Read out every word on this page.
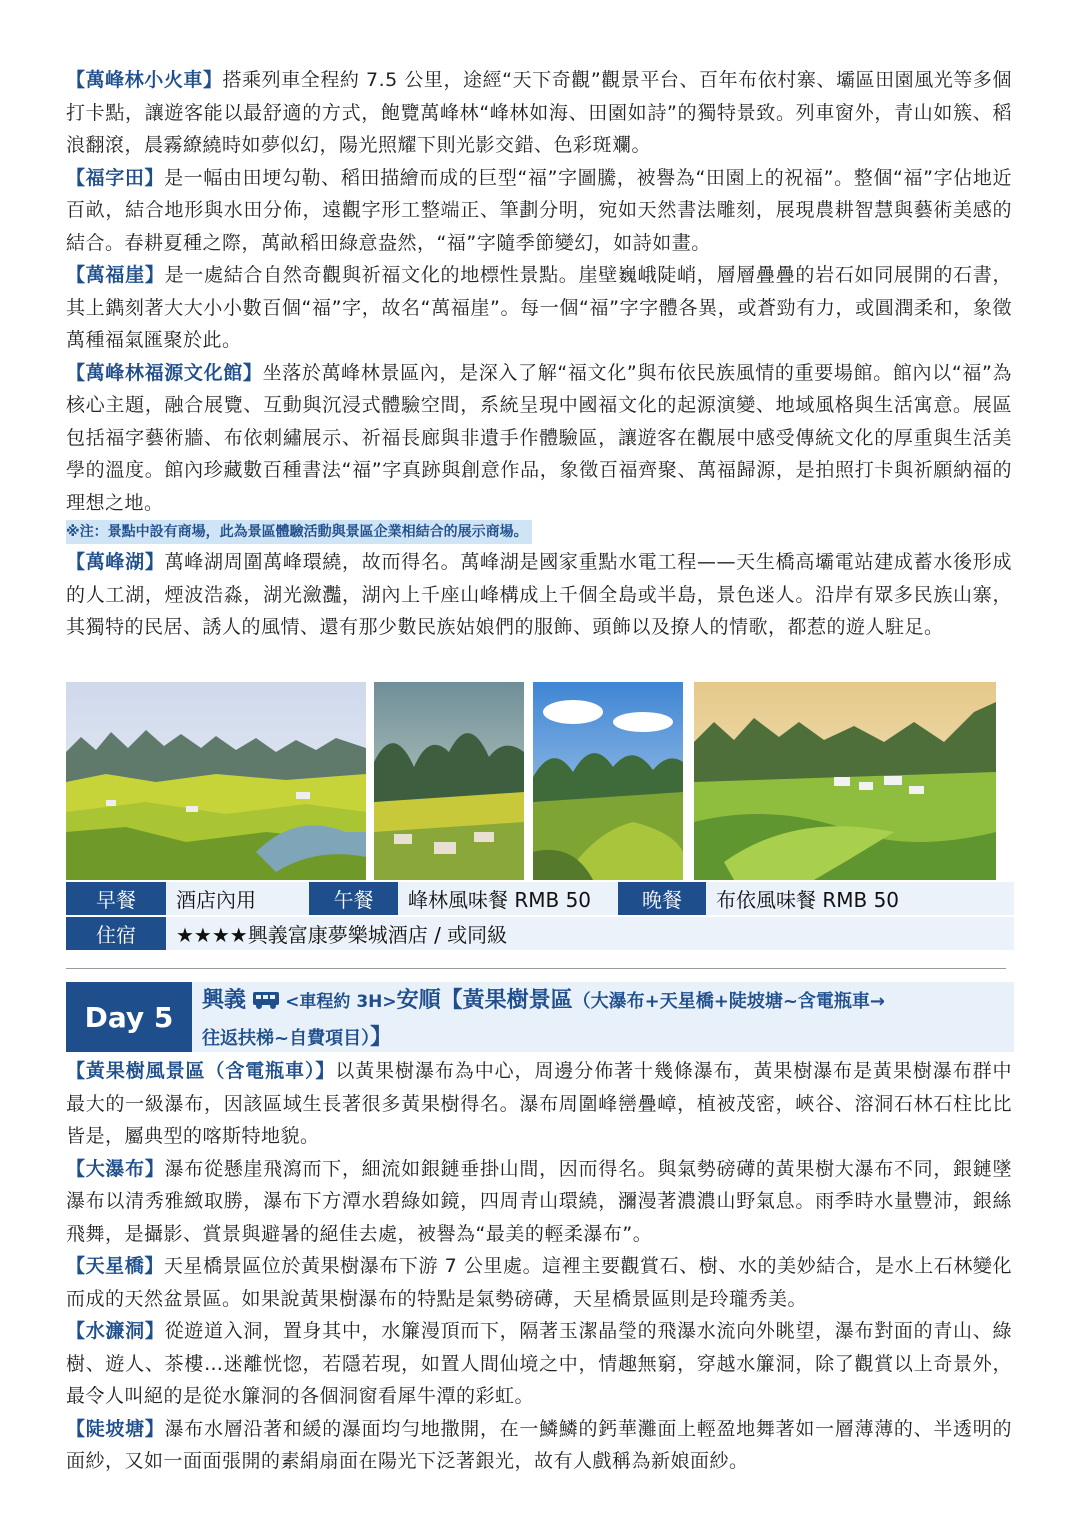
【萬峰林小火車】搭乘列車全程約 7.5 公里，途經“天下奇觀”觀景平台、百年布依村寨、壩區田園風光等多個打卡點，讓遊客能以最舒適的方式，飽覽萬峰林“峰林如海、田園如詩”的獨特景致。列車窗外，青山如簇、稻浪翻滾，晨霧繚繞時如夢似幻，陽光照耀下則光影交錯、色彩斑斕。

【福字田】是一幅由田埂勾勒、稻田描繪而成的巨型“福”字圖騰，被譽為“田園上的祝福”。整個“福”字佔地近百畝，結合地形與水田分佈，遠觀字形工整端正、筆劃分明，宛如天然書法雕刻，展現農耕智慧與藝術美感的結合。春耕夏種之際，萬畝稻田綠意盎然，“福”字隨季節變幻，如詩如畫。

【萬福崖】是一處結合自然奇觀與祈福文化的地標性景點。崖壁巍峨陡峭，層層疊疊的岩石如同展開的石書，其上鐫刻著大大小小數百個“福”字，故名“萬福崖”。每一個“福”字字體各異，或蒼勁有力，或圓潤柔和，象徵萬種福氣匯聚於此。

【萬峰林福源文化館】坐落於萬峰林景區內，是深入了解“福文化”與布依民族風情的重要場館。館內以“福”為核心主題，融合展覽、互動與沉浸式體驗空間，系統呈現中國福文化的起源演變、地域風格與生活寓意。展區包括福字藝術牆、布依刺繡展示、祈福長廊與非遺手作體驗區，讓遊客在觀展中感受傳統文化的厚重與生活美學的溫度。館內珍藏數百種書法“福”字真跡與創意作品，象徵百福齊聚、萬福歸源，是拍照打卡與祈願納福的理想之地。

※注：景點中設有商場，此為景區體驗活動與景區企業相結合的展示商場。

【萬峰湖】萬峰湖周圍萬峰環繞，故而得名。萬峰湖是國家重點水電工程——天生橋高壩電站建成蓄水後形成的人工湖，煙波浩淼，湖光瀲灩，湖內上千座山峰構成上千個全島或半島，景色迷人。沿岸有眾多民族山寨，其獨特的民居、誘人的風情、還有那少數民族姑娘們的服飾、頭飾以及撩人的情歌，都惹的遊人駐足。

早餐	酒店內用	午餐	峰林風味餐 RMB 50	晚餐	布依風味餐 RMB 50
住宿	★★★★興義富康夢樂城酒店 / 或同級
Day 5	興義 <車程約 3H>安順【黃果樹景區（大瀑布+天星橋+陡坡塘~含電瓶車→
往返扶梯~自費項目）】

【黃果樹風景區（含電瓶車）】以黃果樹瀑布為中心，周邊分佈著十幾條瀑布，黃果樹瀑布是黃果樹瀑布群中最大的一級瀑布，因該區域生長著很多黃果樹得名。瀑布周圍峰巒疊嶂，植被茂密，峽谷、溶洞石林石柱比比皆是，屬典型的喀斯特地貌。

【大瀑布】瀑布從懸崖飛瀉而下，細流如銀鏈垂掛山間，因而得名。與氣勢磅礡的黃果樹大瀑布不同，銀鏈墜瀑布以清秀雅緻取勝，瀑布下方潭水碧綠如鏡，四周青山環繞，瀰漫著濃濃山野氣息。雨季時水量豐沛，銀絲飛舞，是攝影、賞景與避暑的絕佳去處，被譽為“最美的輕柔瀑布”。

【天星橋】天星橋景區位於黃果樹瀑布下游 7 公里處。這裡主要觀賞石、樹、水的美妙結合，是水上石林變化而成的天然盆景區。如果說黃果樹瀑布的特點是氣勢磅礡，天星橋景區則是玲瓏秀美。

【水濂洞】從遊道入洞，置身其中，水簾漫頂而下，隔著玉潔晶瑩的飛瀑水流向外眺望，瀑布對面的青山、綠樹、遊人、茶樓…迷離恍惚，若隱若現，如置人間仙境之中，情趣無窮，穿越水簾洞，除了觀賞以上奇景外，最令人叫絕的是從水簾洞的各個洞窗看犀牛潭的彩虹。

【陡坡塘】瀑布水層沿著和緩的瀑面均勻地撒開，在一鱗鱗的鈣華灘面上輕盈地舞著如一層薄薄的、半透明的面紗，又如一面面張開的素絹扇面在陽光下泛著銀光，故有人戲稱為新娘面紗。
